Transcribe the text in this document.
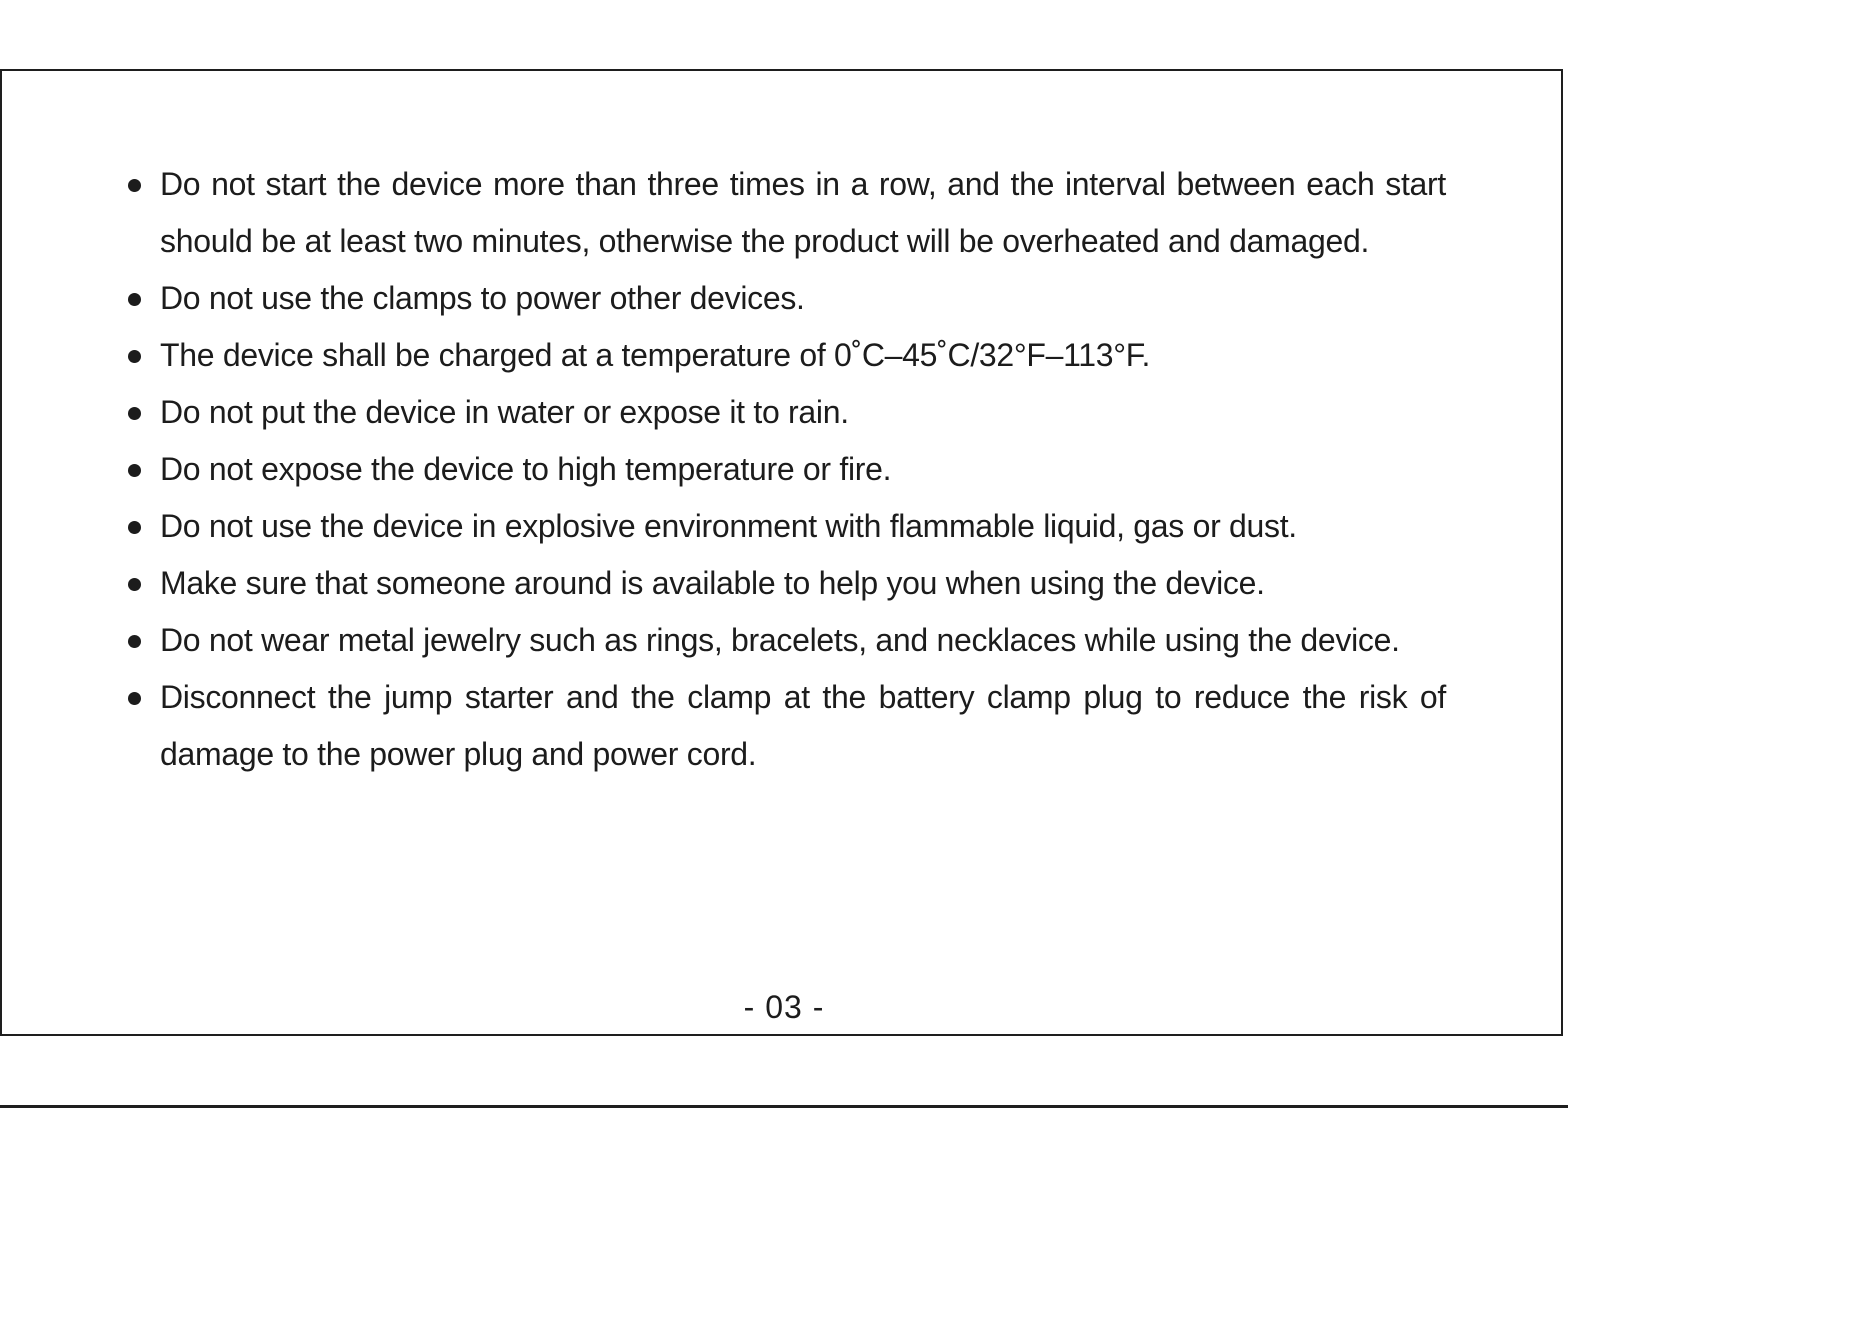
Do not start the device more than three times in a row, and the interval between each start should be at least two minutes, otherwise the product will be overheated and damaged.
Do not use the clamps to power other devices.
The device shall be charged at a temperature of 0˚C–45˚C/32°F–113°F.
Do not put the device in water or expose it to rain.
Do not expose the device to high temperature or fire.
Do not use the device in explosive environment with flammable liquid, gas or dust.
Make sure that someone around is available to help you when using the device.
Do not wear metal jewelry such as rings, bracelets, and necklaces while using the device.
Disconnect the jump starter and the clamp at the battery clamp plug to reduce the risk of damage to the power plug and power cord.
- 03 -
